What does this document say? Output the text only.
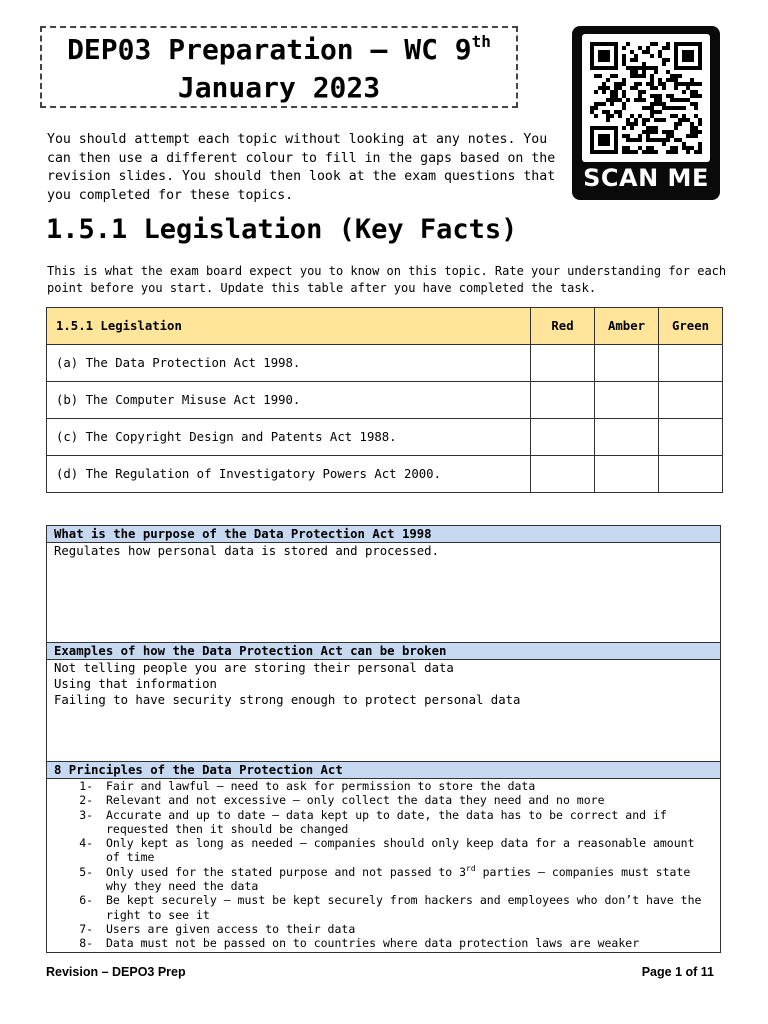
DEP03 Preparation – WC 9th
January 2023
SCAN ME
You should attempt each topic without looking at any notes. You can then use a different colour to fill in the gaps based on the revision slides. You should then look at the exam questions that you completed for these topics.
1.5.1 Legislation (Key Facts)
This is what the exam board expect you to know on this topic. Rate your understanding for each point before you start. Update this table after you have completed the task.
1.5.1 Legislation	Red	Amber	Green
(a) The Data Protection Act 1998.			
(b) The Computer Misuse Act 1990.			
(c) The Copyright Design and Patents Act 1988.			
(d) The Regulation of Investigatory Powers Act 2000.			
What is the purpose of the Data Protection Act 1998
Regulates how personal data is stored and processed.
Examples of how the Data Protection Act can be broken
Not telling people you are storing their personal data
Using that information
Failing to have security strong enough to protect personal data
8 Principles of the Data Protection Act
1. Fair and lawful – need to ask for permission to store the data
2. Relevant and not excessive – only collect the data they need and no more
3. Accurate and up to date – data kept up to date, the data has to be correct and if requested then it should be changed
4. Only kept as long as needed – companies should only keep data for a reasonable amount of time
5. Only used for the stated purpose and not passed to 3rd parties – companies must state why they need the data
6. Be kept securely – must be kept securely from hackers and employees who don’t have the right to see it
7. Users are given access to their data
8. Data must not be passed on to countries where data protection laws are weaker
Revision – DEPO3 Prep	Page 1 of 11
